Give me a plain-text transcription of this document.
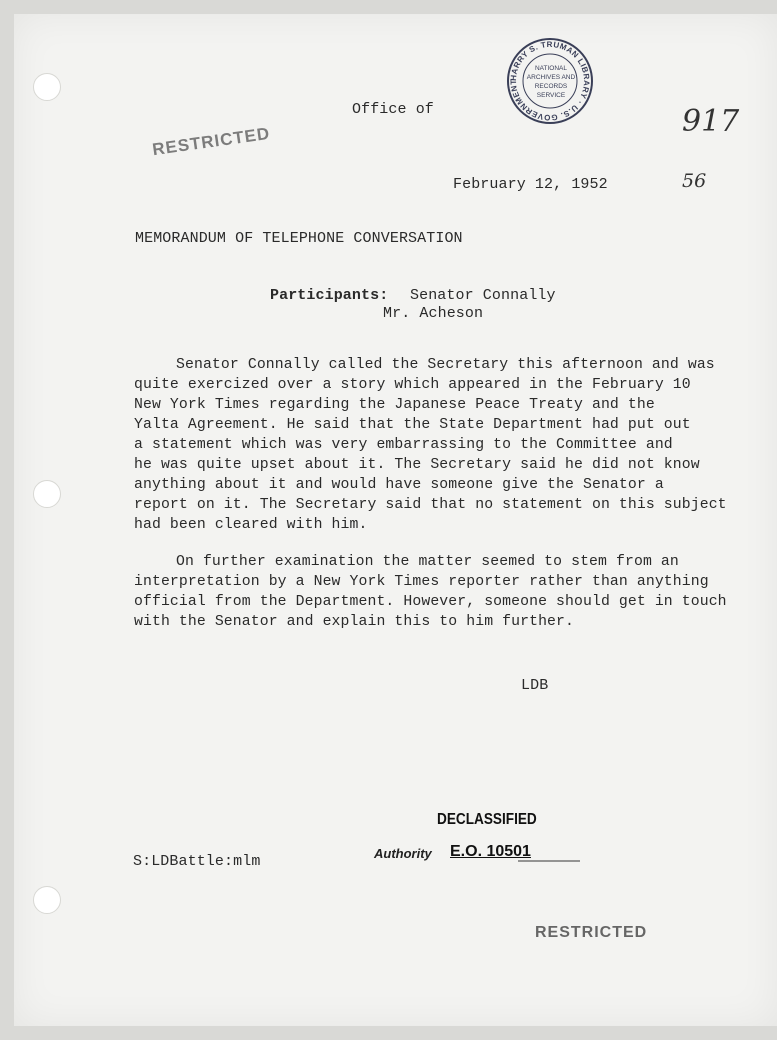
HARRY S. TRUMAN LIBRARY · U.S. GOVERNMENT
NATIONAL
ARCHIVES AND
RECORDS
SERVICE
Office of
RESTRICTED
917
56
February 12, 1952
MEMORANDUM OF TELEPHONE CONVERSATION
Participants: Senator Connally
Mr. Acheson
Senator Connally called the Secretary this afternoon and was
quite exercized over a story which appeared in the February 10
New York Times regarding the Japanese Peace Treaty and the
Yalta Agreement. He said that the State Department had put out
a statement which was very embarrassing to the Committee and
he was quite upset about it. The Secretary said he did not know
anything about it and would have someone give the Senator a
report on it. The Secretary said that no statement on this subject
had been cleared with him.
On further examination the matter seemed to stem from an
interpretation by a New York Times reporter rather than anything
official from the Department. However, someone should get in touch
with the Senator and explain this to him further.
LDB
DECLASSIFIED
Authority E.O. 10501
S:LDBattle:mlm
RESTRICTED
